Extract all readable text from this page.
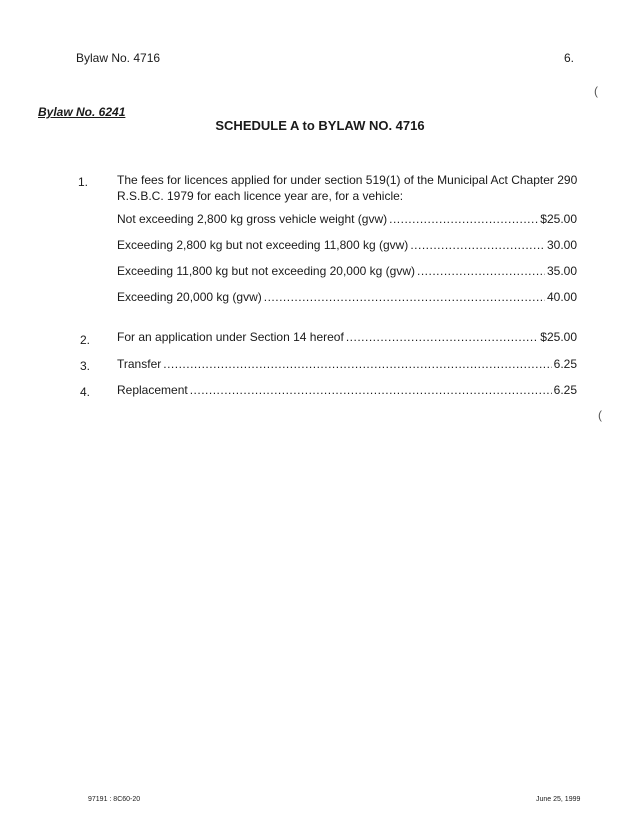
Bylaw No. 4716	6.
Bylaw No. 6241
SCHEDULE A to BYLAW NO. 4716
1. The fees for licences applied for under section 519(1) of the Municipal Act Chapter 290 R.S.B.C. 1979 for each licence year are, for a vehicle:
Not exceeding 2,800 kg gross vehicle weight (gvw) .....	$25.00
Exceeding 2,800 kg but not exceeding 11,800 kg (gvw) .....	30.00
Exceeding 11,800 kg but not exceeding 20,000 kg (gvw) .....	35.00
Exceeding 20,000 kg (gvw) .....	40.00
2. For an application under Section 14 hereof .....	$25.00
3. Transfer .....	6.25
4. Replacement .....	6.25
(
(
97191 : 8C60-20	June 25, 1999
